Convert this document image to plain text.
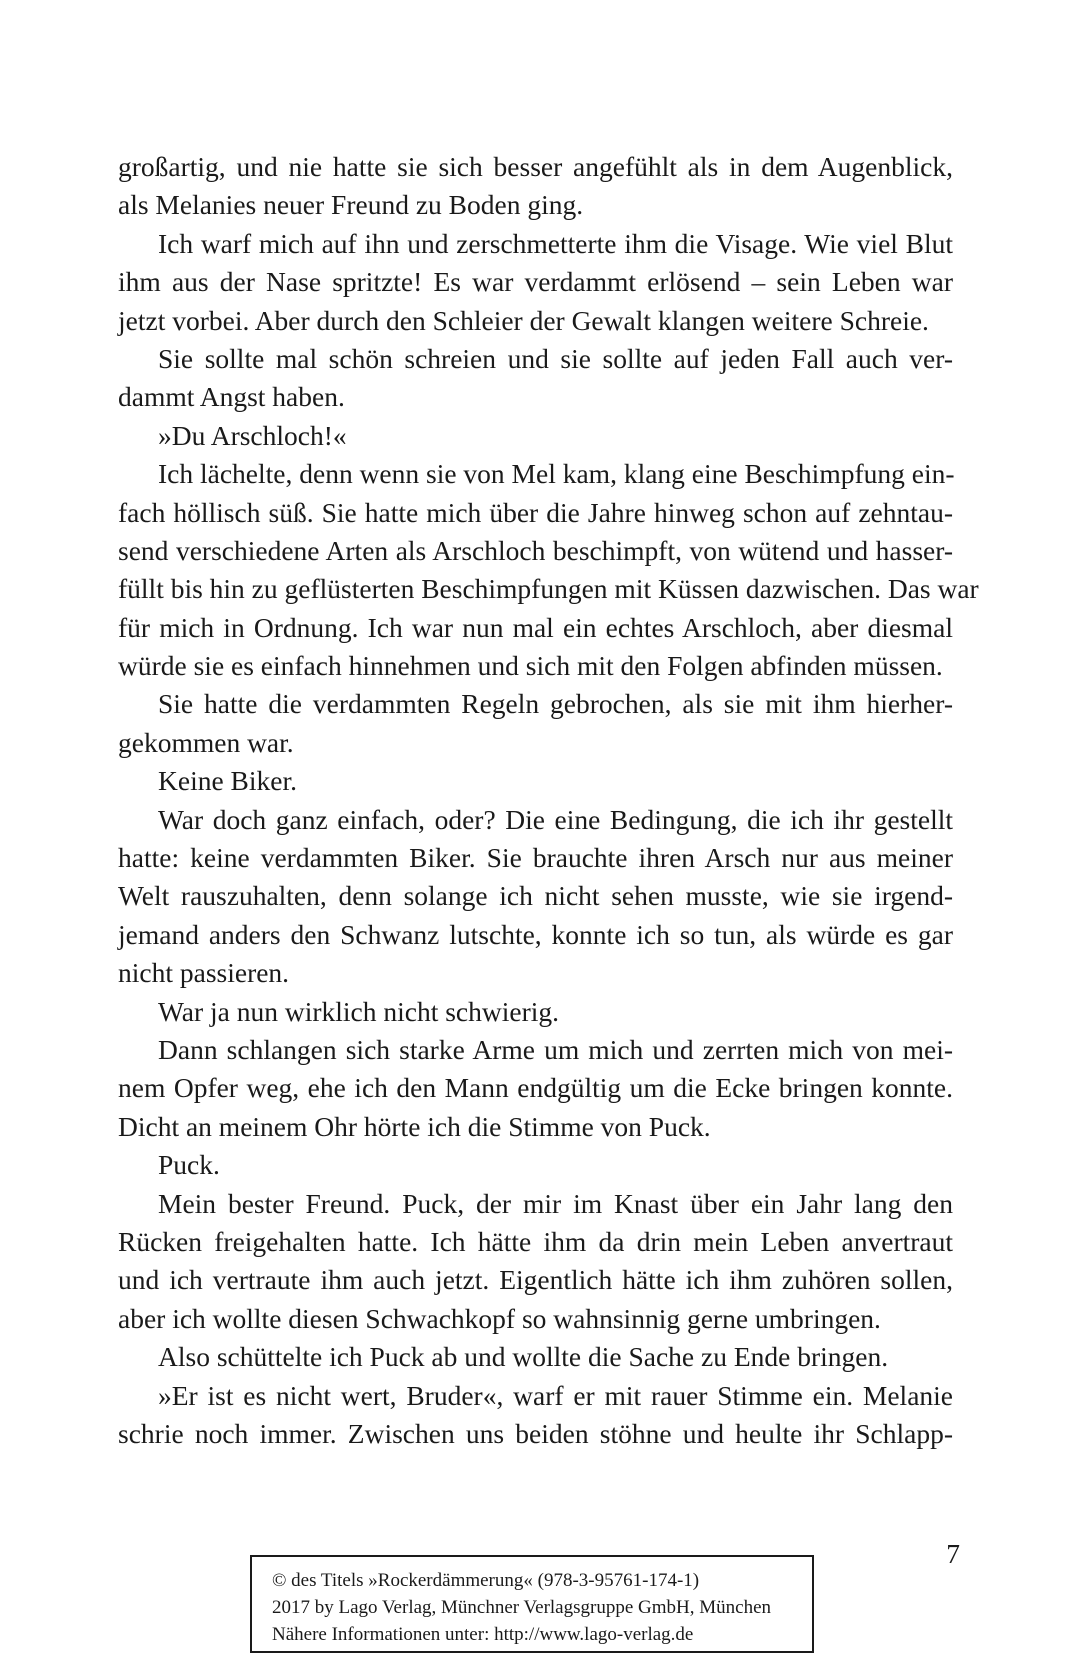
großartig, und nie hatte sie sich besser angefühlt als in dem Augenblick,
als Melanies neuer Freund zu Boden ging.
Ich warf mich auf ihn und zerschmetterte ihm die Visage. Wie viel Blut
ihm aus der Nase spritzte! Es war verdammt erlösend – sein Leben war
jetzt vorbei. Aber durch den Schleier der Gewalt klangen weitere Schreie.
Sie sollte mal schön schreien und sie sollte auf jeden Fall auch ver-
dammt Angst haben.
»Du Arschloch!«
Ich lächelte, denn wenn sie von Mel kam, klang eine Beschimpfung ein-
fach höllisch süß. Sie hatte mich über die Jahre hinweg schon auf zehntau-
send verschiedene Arten als Arschloch beschimpft, von wütend und hasser-
füllt bis hin zu geflüsterten Beschimpfungen mit Küssen dazwischen. Das war
für mich in Ordnung. Ich war nun mal ein echtes Arschloch, aber diesmal
würde sie es einfach hinnehmen und sich mit den Folgen abfinden müssen.
Sie hatte die verdammten Regeln gebrochen, als sie mit ihm hierher-
gekommen war.
Keine Biker.
War doch ganz einfach, oder? Die eine Bedingung, die ich ihr gestellt
hatte: keine verdammten Biker. Sie brauchte ihren Arsch nur aus meiner
Welt rauszuhalten, denn solange ich nicht sehen musste, wie sie irgend-
jemand anders den Schwanz lutschte, konnte ich so tun, als würde es gar
nicht passieren.
War ja nun wirklich nicht schwierig.
Dann schlangen sich starke Arme um mich und zerrten mich von mei-
nem Opfer weg, ehe ich den Mann endgültig um die Ecke bringen konnte.
Dicht an meinem Ohr hörte ich die Stimme von Puck.
Puck.
Mein bester Freund. Puck, der mir im Knast über ein Jahr lang den
Rücken freigehalten hatte. Ich hätte ihm da drin mein Leben anvertraut
und ich vertraute ihm auch jetzt. Eigentlich hätte ich ihm zuhören sollen,
aber ich wollte diesen Schwachkopf so wahnsinnig gerne umbringen.
Also schüttelte ich Puck ab und wollte die Sache zu Ende bringen.
»Er ist es nicht wert, Bruder«, warf er mit rauer Stimme ein. Melanie
schrie noch immer. Zwischen uns beiden stöhne und heulte ihr Schlapp-
© des Titels »Rockerdämmerung« (978-3-95761-174-1)
2017 by Lago Verlag, Münchner Verlagsgruppe GmbH, München
Nähere Informationen unter: http://www.lago-verlag.de
7
